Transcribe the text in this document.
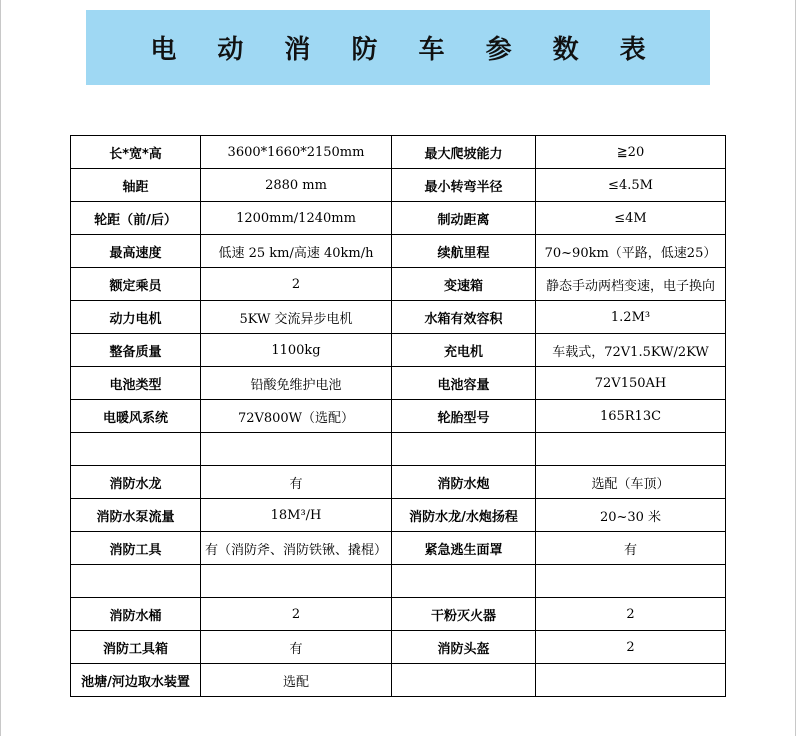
电 动 消 防 车 参 数 表
长*宽*高	3600*1660*2150mm	最大爬坡能力	≧20
轴距	2880 mm	最小转弯半径	≤4.5M
轮距（前/后）	1200mm/1240mm	制动距离	≤4M
最高速度	低速 25 km/高速 40km/h	续航里程	70~90km（平路，低速25）
额定乘员	2	变速箱	静态手动两档变速，电子换向
动力电机	5KW 交流异步电机	水箱有效容积	1.2M³
整备质量	1100kg	充电机	车载式，72V1.5KW/2KW
电池类型	铅酸免维护电池	电池容量	72V150AH
电暖风系统	72V800W（选配）	轮胎型号	165R13C

消防水龙	有	消防水炮	选配（车顶）
消防水泵流量	18M³/H	消防水龙/水炮扬程	20~30 米
消防工具	有（消防斧、消防铁锹、撬棍）	紧急逃生面罩	有

消防水桶	2	干粉灭火器	2
消防工具箱	有	消防头盔	2
池塘/河边取水装置	选配		
